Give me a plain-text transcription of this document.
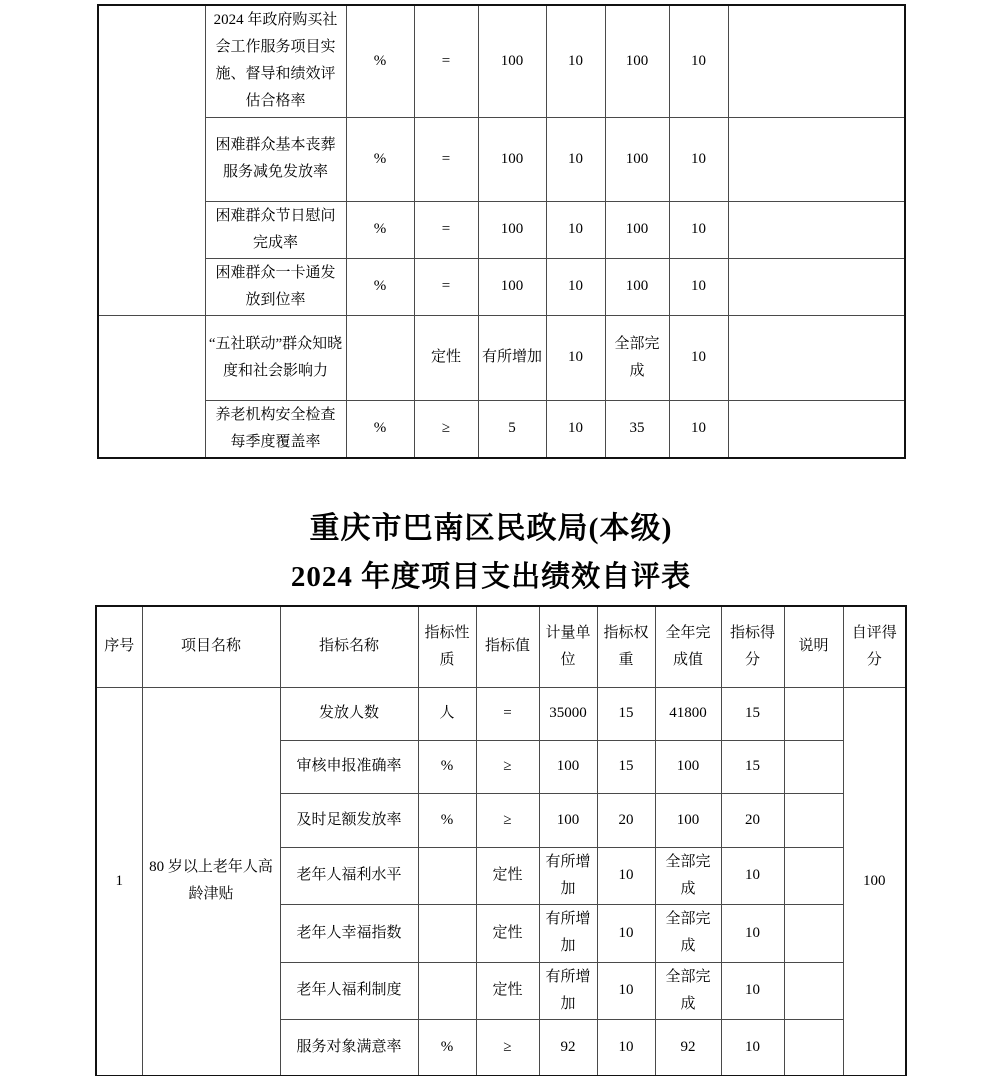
	2024 年政府购买社会工作服务项目实施、督导和绩效评估合格率	%	=	100	10	100	10	
	困难群众基本丧葬服务减免发放率	%	=	100	10	100	10	
	困难群众节日慰问完成率	%	=	100	10	100	10	
	困难群众一卡通发放到位率	%	=	100	10	100	10	
	“五社联动”群众知晓度和社会影响力		定性	有所增加	10	全部完成	10	
	养老机构安全检查每季度覆盖率	%	≥	5	10	35	10	
重庆市巴南区民政局(本级)
2024 年度项目支出绩效自评表
序号	项目名称	指标名称	指标性质	指标值	计量单位	指标权重	全年完成值	指标得分	说明	自评得分
1	80 岁以上老年人高龄津贴	发放人数	人	=	35000	15	41800	15		100
		审核申报准确率	%	≥	100	15	100	15		
		及时足额发放率	%	≥	100	20	100	20		
		老年人福利水平		定性	有所增加	10	全部完成	10		
		老年人幸福指数		定性	有所增加	10	全部完成	10		
		老年人福利制度		定性	有所增加	10	全部完成	10		
		服务对象满意率	%	≥	92	10	92	10		
